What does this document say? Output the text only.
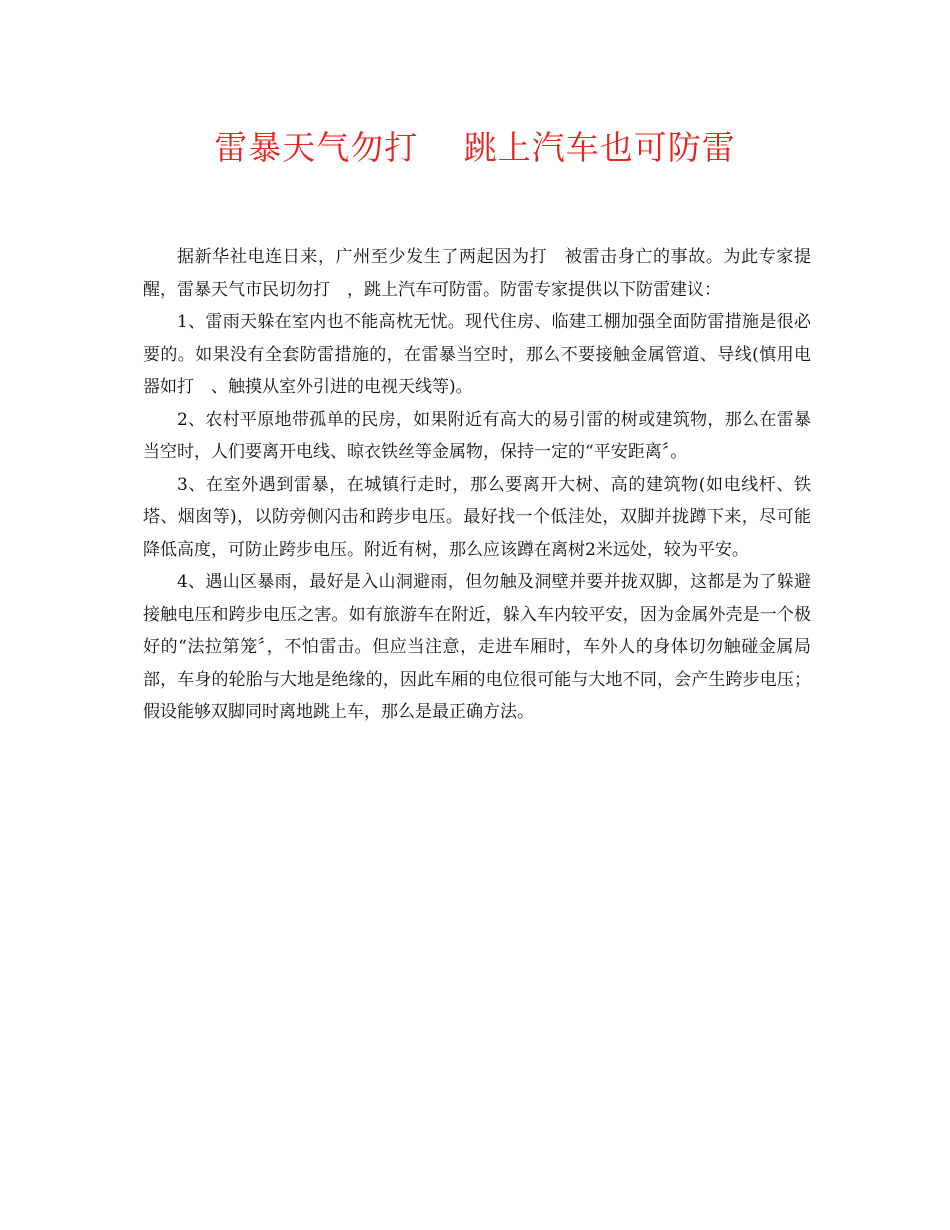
雷暴天气勿打　 跳上汽车也可防雷

据新华社电连日来，广州至少发生了两起因为打　被雷击身亡的事故。为此专家提醒，雷暴天气市民切勿打　，跳上汽车可防雷。防雷专家提供以下防雷建议：

1、雷雨天躲在室内也不能高枕无忧。现代住房、临建工棚加强全面防雷措施是很必要的。如果没有全套防雷措施的，在雷暴当空时，那么不要接触金属管道、导线(慎用电器如打　、触摸从室外引进的电视天线等)。

2、农村平原地带孤单的民房，如果附近有高大的易引雷的树或建筑物，那么在雷暴当空时，人们要离开电线、晾衣铁丝等金属物，保持一定的“平安距离〞。

3、在室外遇到雷暴，在城镇行走时，那么要离开大树、高的建筑物(如电线杆、铁塔、烟囱等)，以防旁侧闪击和跨步电压。最好找一个低洼处，双脚并拢蹲下来，尽可能降低高度，可防止跨步电压。附近有树，那么应该蹲在离树2米远处，较为平安。

4、遇山区暴雨，最好是入山洞避雨，但勿触及洞壁并要并拢双脚，这都是为了躲避接触电压和跨步电压之害。如有旅游车在附近，躲入车内较平安，因为金属外壳是一个极好的“法拉第笼〞，不怕雷击。但应当注意，走进车厢时，车外人的身体切勿触碰金属局部，车身的轮胎与大地是绝缘的，因此车厢的电位很可能与大地不同，会产生跨步电压；假设能够双脚同时离地跳上车，那么是最正确方法。
